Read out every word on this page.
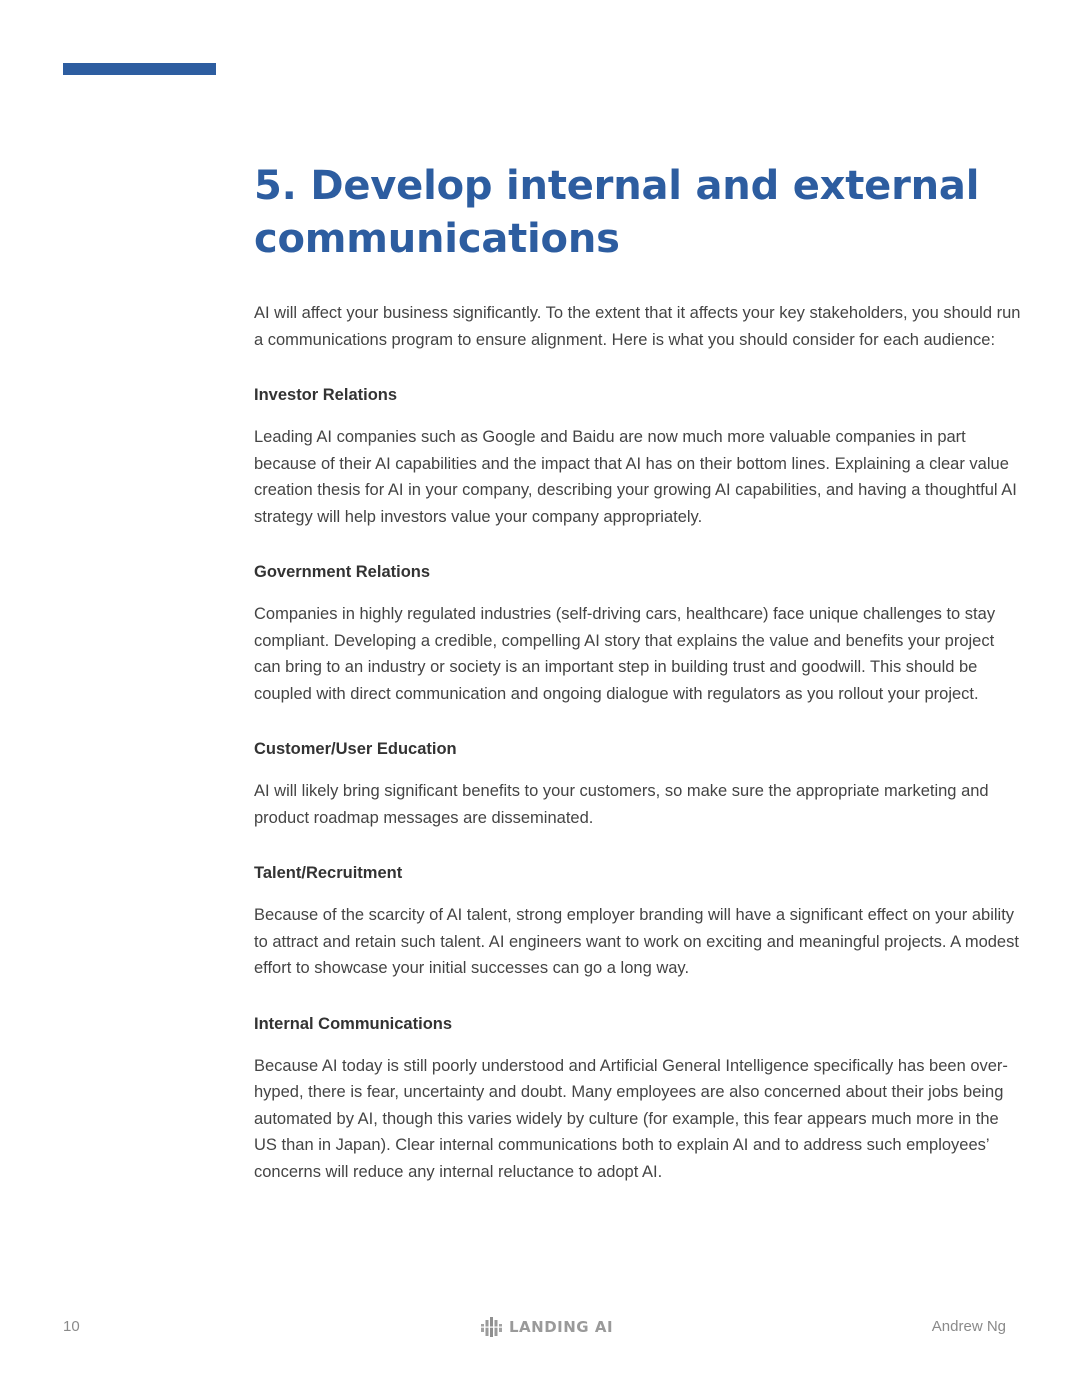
5. Develop internal and external communications

AI will affect your business significantly. To the extent that it affects your key stakeholders, you should run a communications program to ensure alignment. Here is what you should consider for each audience:

Investor Relations

Leading AI companies such as Google and Baidu are now much more valuable companies in part because of their AI capabilities and the impact that AI has on their bottom lines. Explaining a clear value creation thesis for AI in your company, describing your growing AI capabilities, and having a thoughtful AI strategy will help investors value your company appropriately.

Government Relations

Companies in highly regulated industries (self-driving cars, healthcare) face unique challenges to stay compliant. Developing a credible, compelling AI story that explains the value and benefits your project can bring to an industry or society is an important step in building trust and goodwill. This should be coupled with direct communication and ongoing dialogue with regulators as you rollout your project.

Customer/User Education

AI will likely bring significant benefits to your customers, so make sure the appropriate marketing and product roadmap messages are disseminated.

Talent/Recruitment

Because of the scarcity of AI talent, strong employer branding will have a significant effect on your ability to attract and retain such talent. AI engineers want to work on exciting and meaningful projects. A modest effort to showcase your initial successes can go a long way.

Internal Communications

Because AI today is still poorly understood and Artificial General Intelligence specifically has been over-hyped, there is fear, uncertainty and doubt. Many employees are also concerned about their jobs being automated by AI, though this varies widely by culture (for example, this fear appears much more in the US than in Japan). Clear internal communications both to explain AI and to address such employees’ concerns will reduce any internal reluctance to adopt AI.

10	LANDING AI	Andrew Ng
